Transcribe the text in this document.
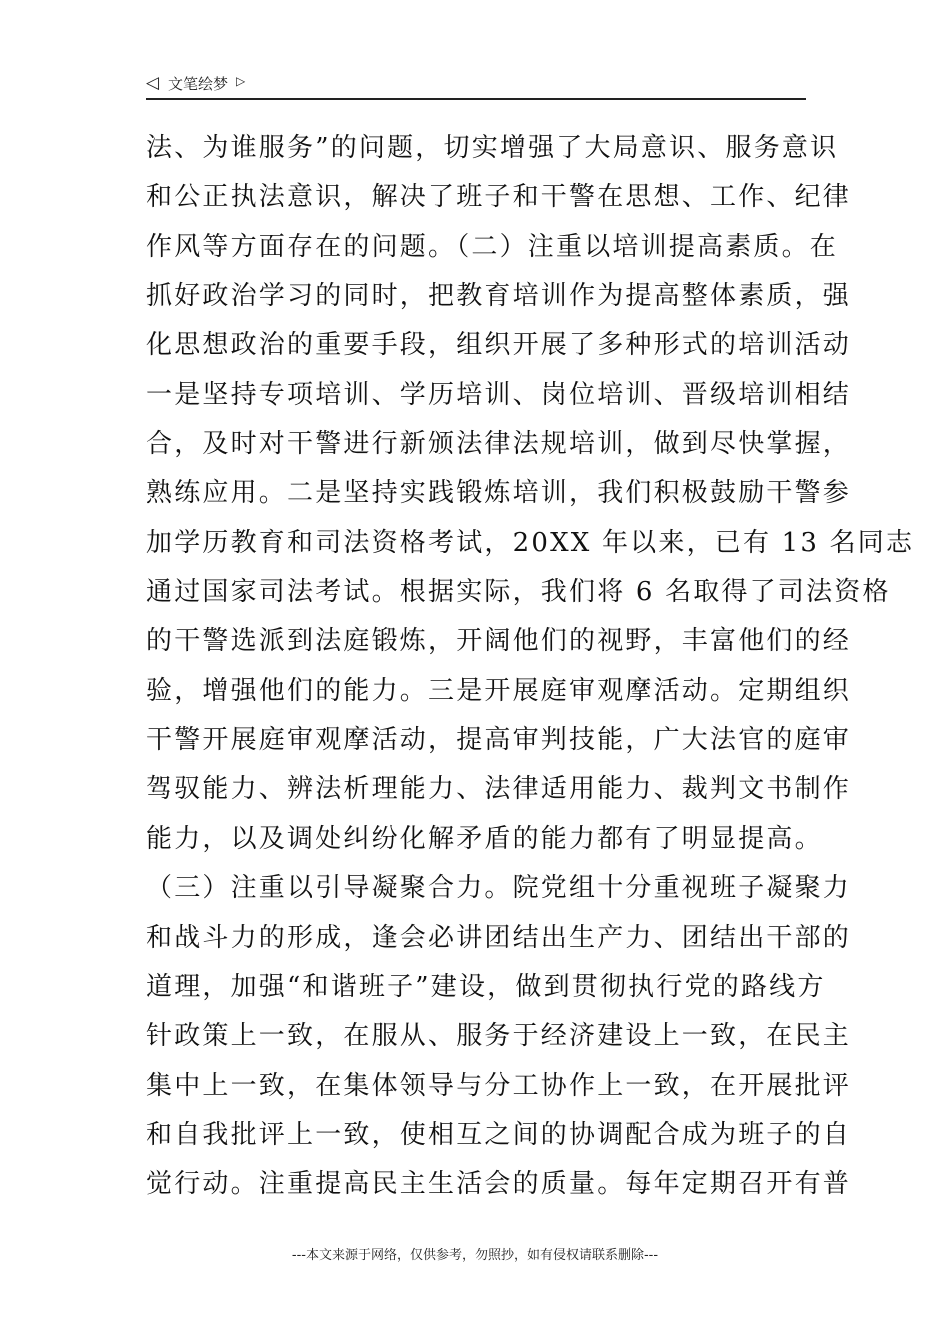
◁ 文笔绘梦 ▷
法、为谁服务”的问题，切实增强了大局意识、服务意识
和公正执法意识，解决了班子和干警在思想、工作、纪律
作风等方面存在的问题。（二）注重以培训提高素质。在
抓好政治学习的同时，把教育培训作为提高整体素质，强
化思想政治的重要手段，组织开展了多种形式的培训活动
一是坚持专项培训、学历培训、岗位培训、晋级培训相结
合，及时对干警进行新颁法律法规培训，做到尽快掌握，
熟练应用。二是坚持实践锻炼培训，我们积极鼓励干警参
加学历教育和司法资格考试，20XX 年以来，已有 13 名同志
通过国家司法考试。根据实际，我们将 6 名取得了司法资格
的干警选派到法庭锻炼，开阔他们的视野，丰富他们的经
验，增强他们的能力。三是开展庭审观摩活动。定期组织
干警开展庭审观摩活动，提高审判技能，广大法官的庭审
驾驭能力、辨法析理能力、法律适用能力、裁判文书制作
能力，以及调处纠纷化解矛盾的能力都有了明显提高。
（三）注重以引导凝聚合力。院党组十分重视班子凝聚力
和战斗力的形成，逢会必讲团结出生产力、团结出干部的
道理，加强“和谐班子”建设，做到贯彻执行党的路线方
针政策上一致，在服从、服务于经济建设上一致，在民主
集中上一致，在集体领导与分工协作上一致，在开展批评
和自我批评上一致，使相互之间的协调配合成为班子的自
觉行动。注重提高民主生活会的质量。每年定期召开有普
---本文来源于网络，仅供参考，勿照抄，如有侵权请联系删除---
